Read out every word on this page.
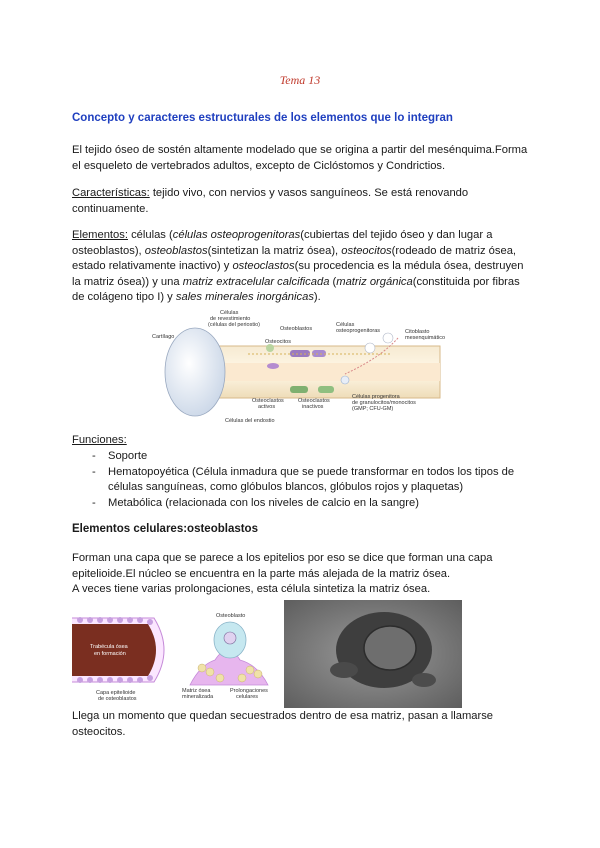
Tema 13
Concepto y caracteres estructurales de los elementos que lo integran
El tejido óseo de sostén altamente modelado que se origina a partir del mesénquima.Forma
el esqueleto de vertebrados adultos, excepto de Ciclóstomos y Condrictios.
Características: tejido vivo, con nervios y vasos sanguíneos. Se está renovando
continuamente.
Elementos: células (células osteoprogenitoras(cubiertas del tejido óseo y dan lugar a
osteoblastos), osteoblastos(sintetizan la matriz ósea), osteocitos(rodeado de matriz ósea,
estado relativamente inactivo) y osteoclastos(su procedencia es la médula ósea, destruyen
la matriz ósea)) y una matriz extracelular calcificada (matriz orgánica(constituida por fibras
de colágeno tipo I) y sales minerales inorgánicas).
Cartílago
Células
de revestimiento
(células del periostio)
Osteoblastos
Osteocitos
Células
osteoprogenitoras	Citoblasto
mesenquimático
Osteoclastos
activos
Osteoclastos
inactivos
Células progenitora
de granulocitos/monocitos
(GMP; CFU-GM)
Células del endostio
Funciones:
- Soporte
- Hematopoyética (Célula inmadura que se puede transformar en todos los tipos de
células sanguíneas, como glóbulos blancos, glóbulos rojos y plaquetas)
- Metabólica (relacionada con los niveles de calcio en la sangre)
Elementos celulares:osteoblastos
Forman una capa que se parece a los epitelios por eso se dice que forman una capa
epitelioide.El núcleo se encuentra en la parte más alejada de la matriz ósea.
A veces tiene varias prolongaciones, esta célula sintetiza la matriz ósea.
Trabécula ósea
en formación
Capa epitelioide
de osteoblastos
Osteoblasto
Matriz ósea
mineralizada
Prolongaciones
celulares
Llega un momento que quedan secuestrados dentro de esa matriz, pasan a llamarse
osteocitos.
